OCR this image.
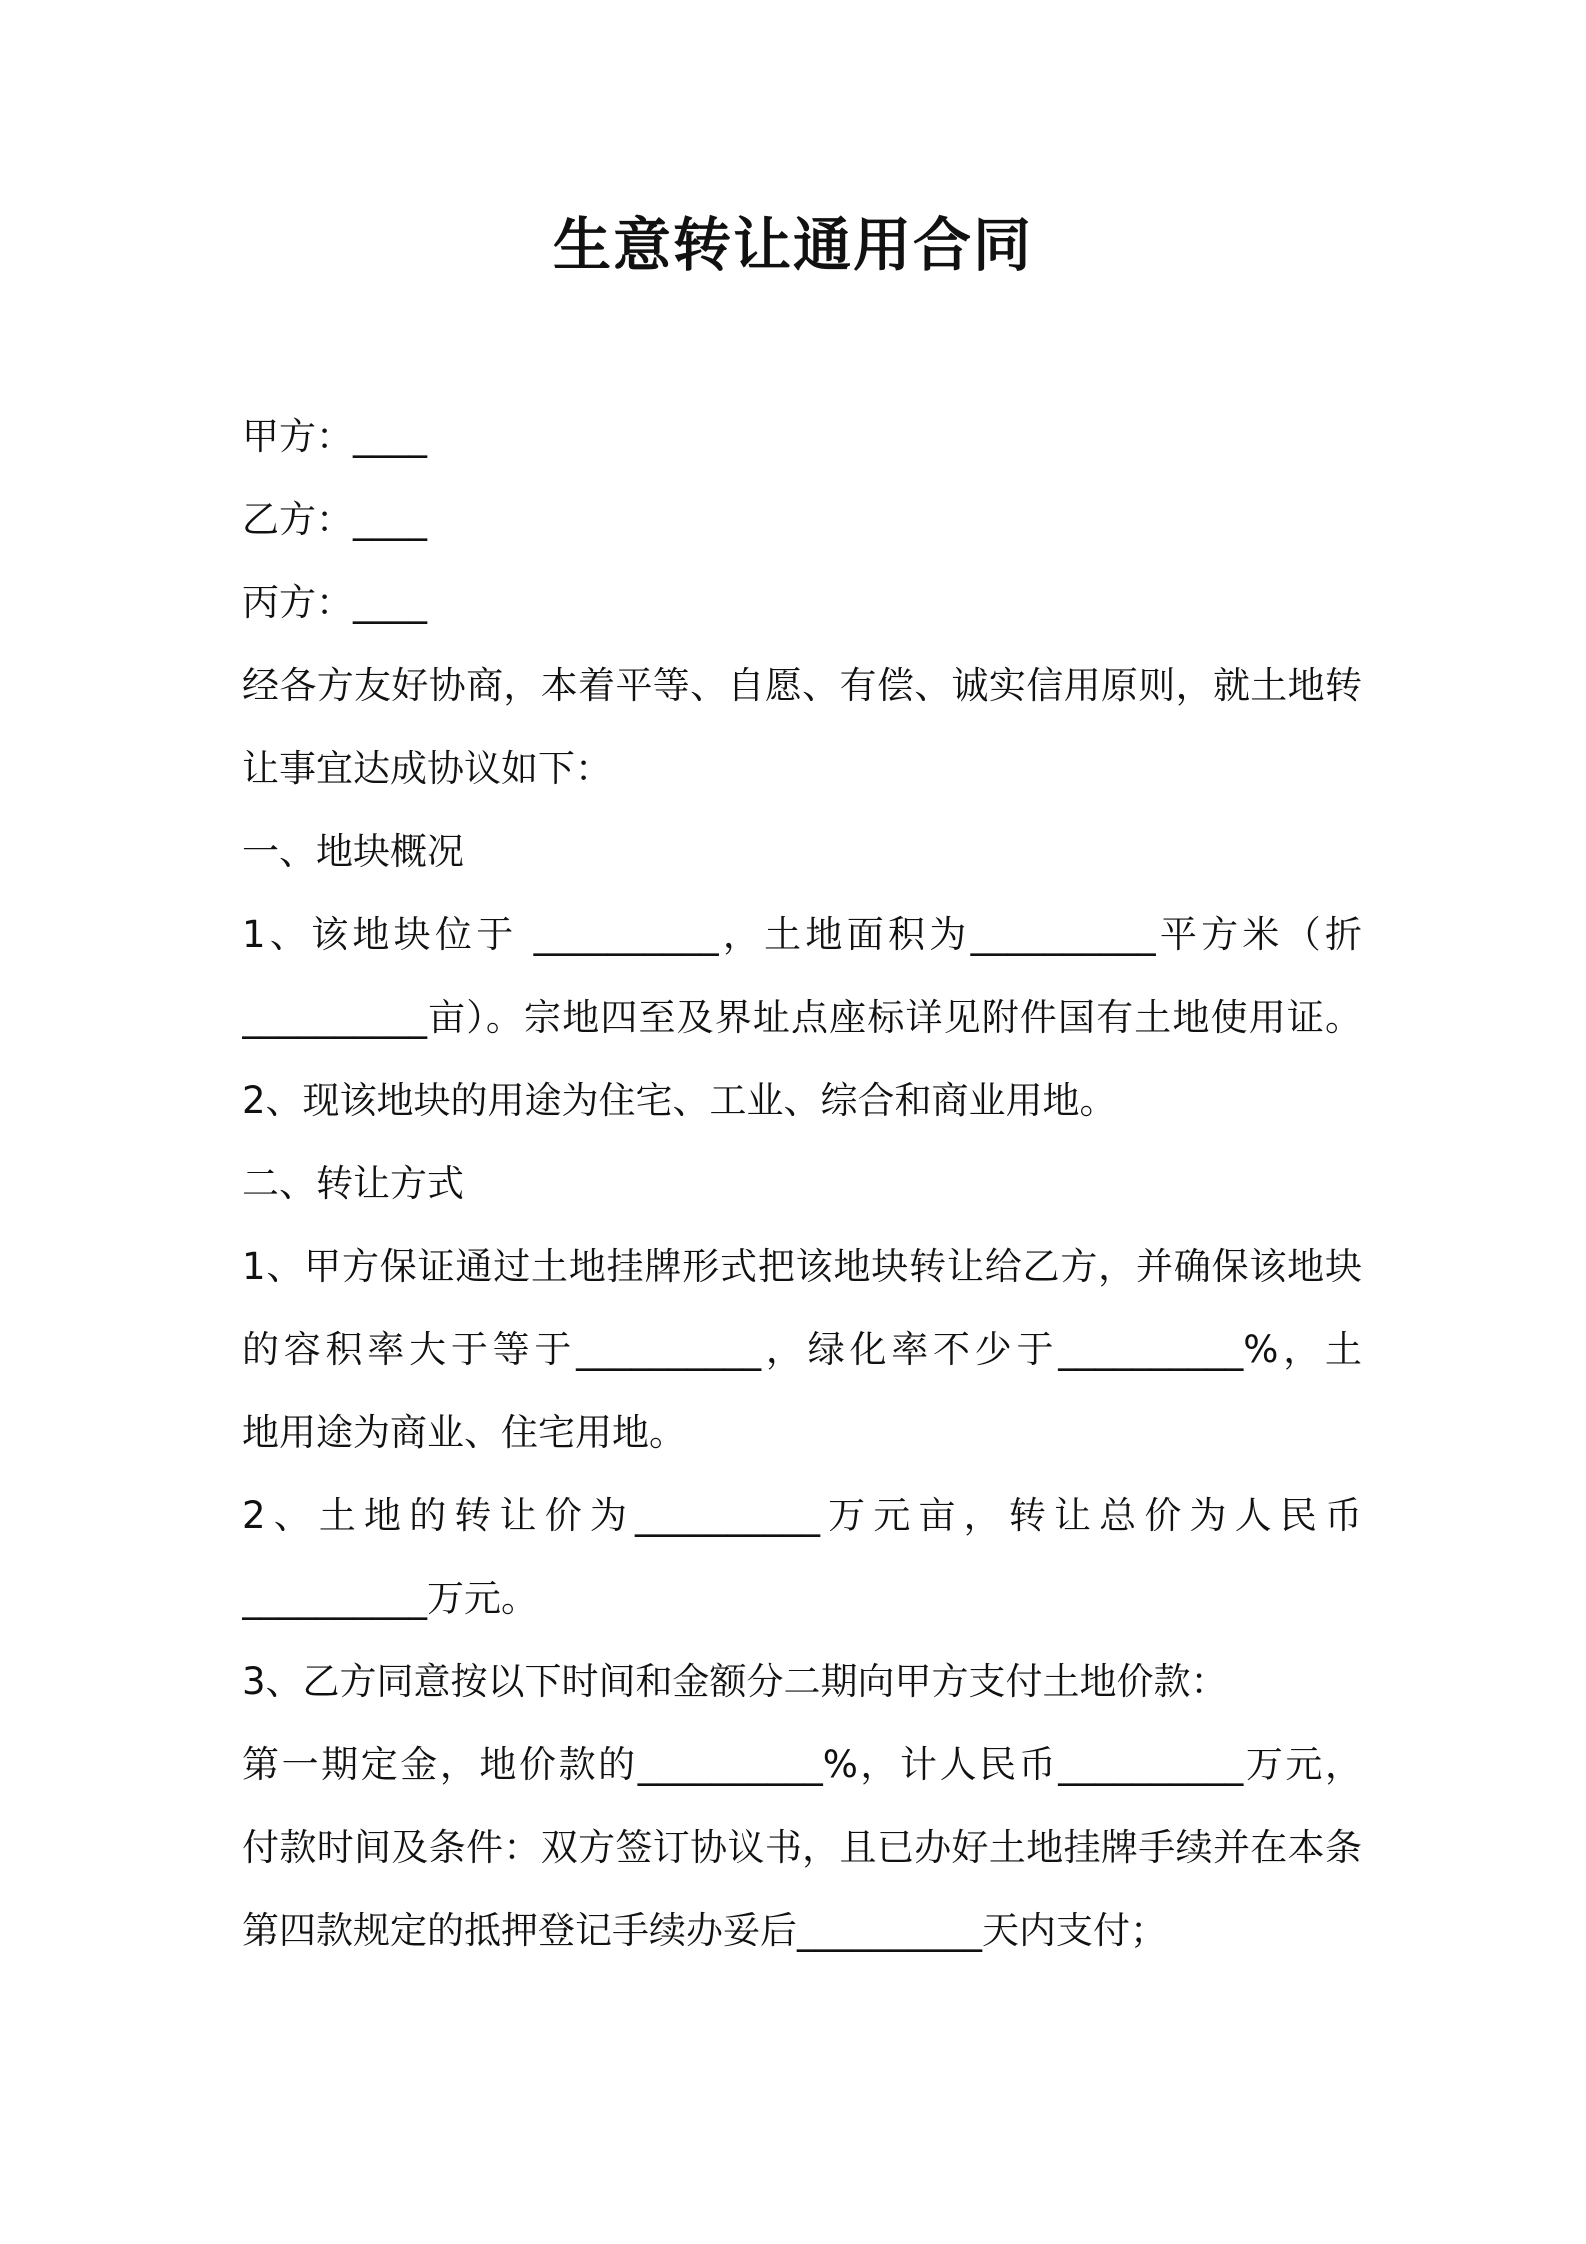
生意转让通用合同
甲方：____
乙方：____
丙方：____
经各方友好协商，本着平等、自愿、有偿、诚实信用原则，就土地转
让事宜达成协议如下：
一、地块概况
1、该地块位于 __________，土地面积为__________平方米（折
__________亩）。宗地四至及界址点座标详见附件国有土地使用证。
2、现该地块的用途为住宅、工业、综合和商业用地。
二、转让方式
1、甲方保证通过土地挂牌形式把该地块转让给乙方，并确保该地块
的容积率大于等于__________，绿化率不少于__________%，土
地用途为商业、住宅用地。
2、土地的转让价为__________万元亩，转让总价为人民币
__________万元。
3、乙方同意按以下时间和金额分二期向甲方支付土地价款：
第一期定金，地价款的__________%，计人民币__________万元，
付款时间及条件：双方签订协议书，且已办好土地挂牌手续并在本条
第四款规定的抵押登记手续办妥后__________天内支付；
